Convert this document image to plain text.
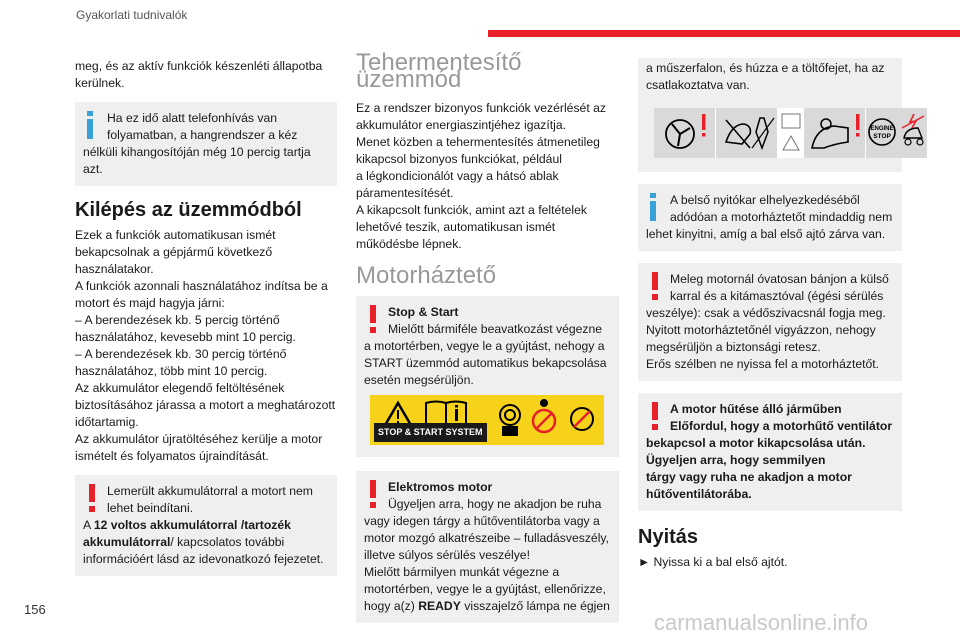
Gyakorlati tudnivalók

meg, és az aktív funkciók készenléti állapotba
kerülnek.

Ha ez idő alatt telefonhívás van
folyamatban, a hangrendszer a kéz
nélküli kihangosítóján még 10 percig tartja
azt.
Kilépés az üzemmódból

Ezek a funkciók automatikusan ismét
bekapcsolnak a gépjármű következő
használatakor.
A funkciók azonnali használatához indítsa be a
motort és majd hagyja járni:
– A berendezések kb. 5 percig történő
használatához, kevesebb mint 10 percig.
– A berendezések kb. 30 percig történő
használatához, több mint 10 percig.
Az akkumulátor elegendő feltöltésének
biztosításához járassa a motort a meghatározott
időtartamig.
Az akkumulátor újratöltéséhez kerülje a motor
ismételt és folyamatos újraindítását.

Lemerült akkumulátorral a motort nem
lehet beindítani.
A 12 voltos akkumulátorral /tartozék
akkumulátorral/ kapcsolatos további
információért lásd az idevonatkozó fejezetet.
Tehermentesítő üzemmód

Ez a rendszer bizonyos funkciók vezérlését az
akkumulátor energiaszintjéhez igazítja.
Menet közben a tehermentesítés átmenetileg
kikapcsol bizonyos funkciókat, például
a légkondicionálót vagy a hátsó ablak
páramentesítését.
A kikapcsolt funkciók, amint azt a feltételek
lehetővé teszik, automatikusan ismét
működésbe lépnek.

Motorháztető
Stop & Start
Mielőtt bármiféle beavatkozást végezne
a motortérben, vegye le a gyújtást, nehogy a
START üzemmód automatikus bekapcsolása
esetén megsérüljön.
STOP & START SYSTEM
Elektromos motor
Ügyeljen arra, hogy ne akadjon be ruha
vagy idegen tárgy a hűtőventilátorba vagy a
motor mozgó alkatrészeibe – fulladásveszély,
illetve súlyos sérülés veszélye!
Mielőtt bármilyen munkát végezne a
motortérben, vegye le a gyújtást, ellenőrizze,
hogy a(z) READY visszajelző lámpa ne égjen
a műszerfalon, és húzza e a töltőfejet, ha az
csatlakoztatva van.
ENGINE
STOP
A belső nyitókar elhelyezkedéséből
adódóan a motorháztetőt mindaddig nem
lehet kinyitni, amíg a bal első ajtó zárva van.
Meleg motornál óvatosan bánjon a külső
karral és a kitámasztóval (égési sérülés
veszélye): csak a védőszivacsnál fogja meg.
Nyitott motorháztetőnél vigyázzon, nehogy
megsérüljön a biztonsági retesz.
Erős szélben ne nyissa fel a motorháztetőt.
A motor hűtése álló járműben
Előfordul, hogy a motorhűtő ventilátor
bekapcsol a motor kikapcsolása után.
Ügyeljen arra, hogy semmilyen
tárgy vagy ruha ne akadjon a motor
hűtőventilátorába.
Nyitás

► Nyissa ki a bal első ajtót.

156
carmanualsonline.info
